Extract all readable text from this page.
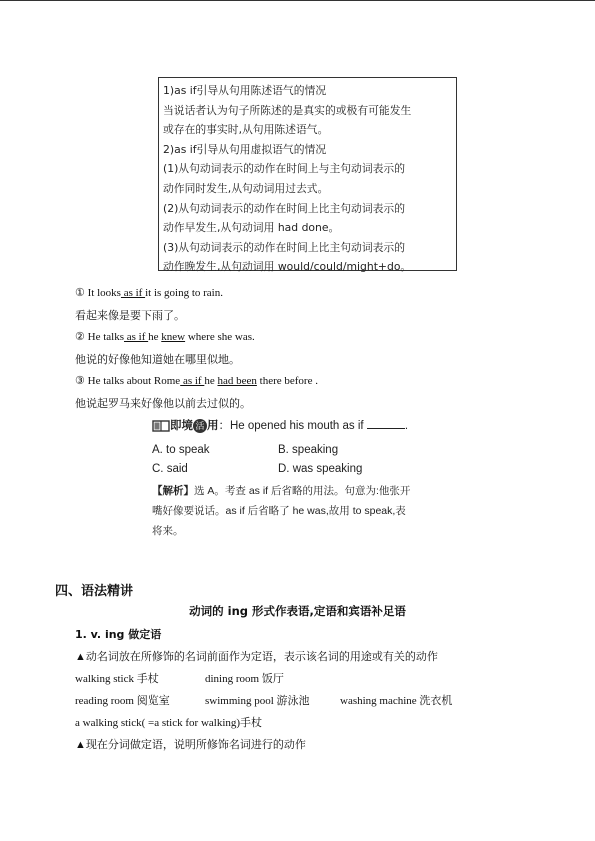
1)as if引导从句用陈述语气的情况
当说话者认为句子所陈述的是真实的或极有可能发生
或存在的事实时,从句用陈述语气。
2)as if引导从句用虚拟语气的情况
(1)从句动词表示的动作在时间上与主句动词表示的
动作同时发生,从句动词用过去式。
(2)从句动词表示的动作在时间上比主句动词表示的
动作早发生,从句动词用 had done。
(3)从句动词表示的动作在时间上比主句动词表示的
动作晚发生,从句动词用 would/could/might+do。
① It looks as if it is going to rain.
看起来像是要下雨了。
② He talks as if he knew where she was.
他说的好像他知道她在哪里似地。
③ He talks about Rome as if he had been there before .
他说起罗马来好像他以前去过似的。
即境 活 用：He opened his mouth as if	.
A. to speak	B. speaking
C. said	D. was speaking
【解析】选 A。考查 as if 后省略的用法。句意为:他张开
嘴好像要说话。as if 后省略了 he was,故用 to speak,表
将来。
四、语法精讲
动词的 ing 形式作表语,定语和宾语补足语
1. v. ing 做定语
▲动名词放在所修饰的名词前面作为定语，表示该名词的用途或有关的动作
walking stick 手杖	dining room 饭厅
reading room 阅览室	swimming pool 游泳池	washing machine 洗衣机
a walking stick( =a stick for walking)手杖
▲现在分词做定语，说明所修饰名词进行的动作
